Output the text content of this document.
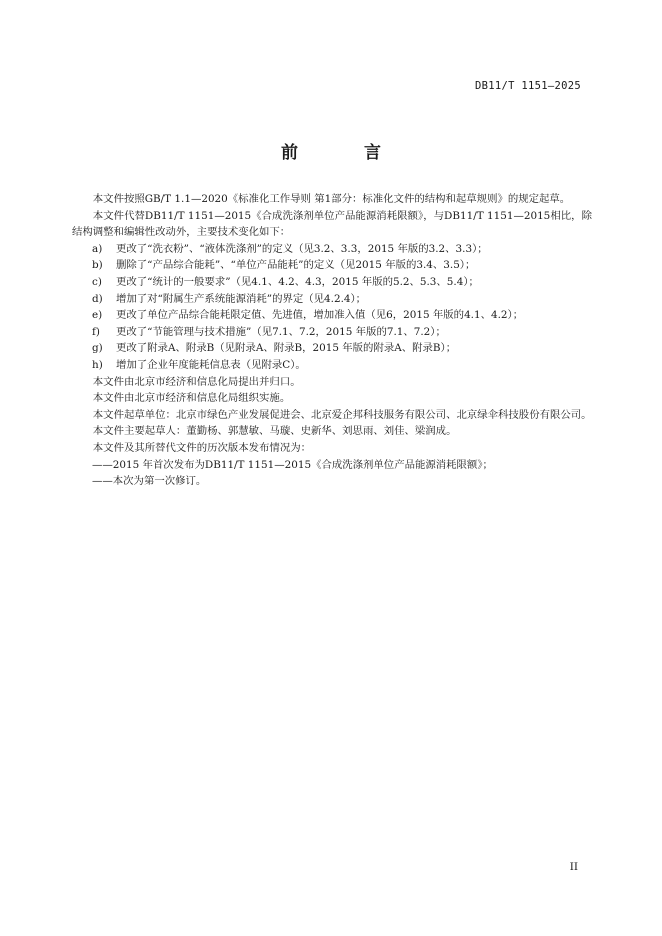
DB11/T 1151—2025
前 言

本文件按照GB/T 1.1—2020《标准化工作导则 第1部分：标准化文件的结构和起草规则》的规定起草。

本文件代替DB11/T 1151—2015《合成洗涤剂单位产品能源消耗限额》，与DB11/T 1151—2015相比，除结构调整和编辑性改动外，主要技术变化如下：

a) 更改了“洗衣粉”、“液体洗涤剂”的定义（见3.2、3.3，2015 年版的3.2、3.3）；

b) 删除了“产品综合能耗”、“单位产品能耗”的定义（见2015 年版的3.4、3.5）；

c) 更改了“统计的一般要求”（见4.1、4.2、4.3，2015 年版的5.2、5.3、5.4）；

d) 增加了对“附属生产系统能源消耗”的界定（见4.2.4）；

e) 更改了单位产品综合能耗限定值、先进值，增加准入值（见6，2015 年版的4.1、4.2）；

f) 更改了“节能管理与技术措施”（见7.1、7.2，2015 年版的7.1、7.2）；

g) 更改了附录A、附录B（见附录A、附录B，2015 年版的附录A、附录B）；

h) 增加了企业年度能耗信息表（见附录C）。

本文件由北京市经济和信息化局提出并归口。

本文件由北京市经济和信息化局组织实施。

本文件起草单位：北京市绿色产业发展促进会、北京爱企邦科技服务有限公司、北京绿伞科技股份有限公司。

本文件主要起草人：董勤杨、郭慧敏、马璇、史新华、刘思雨、刘佳、梁润成。

本文件及其所替代文件的历次版本发布情况为：

——2015 年首次发布为DB11/T 1151—2015《合成洗涤剂单位产品能源消耗限额》；

——本次为第一次修订。

II
